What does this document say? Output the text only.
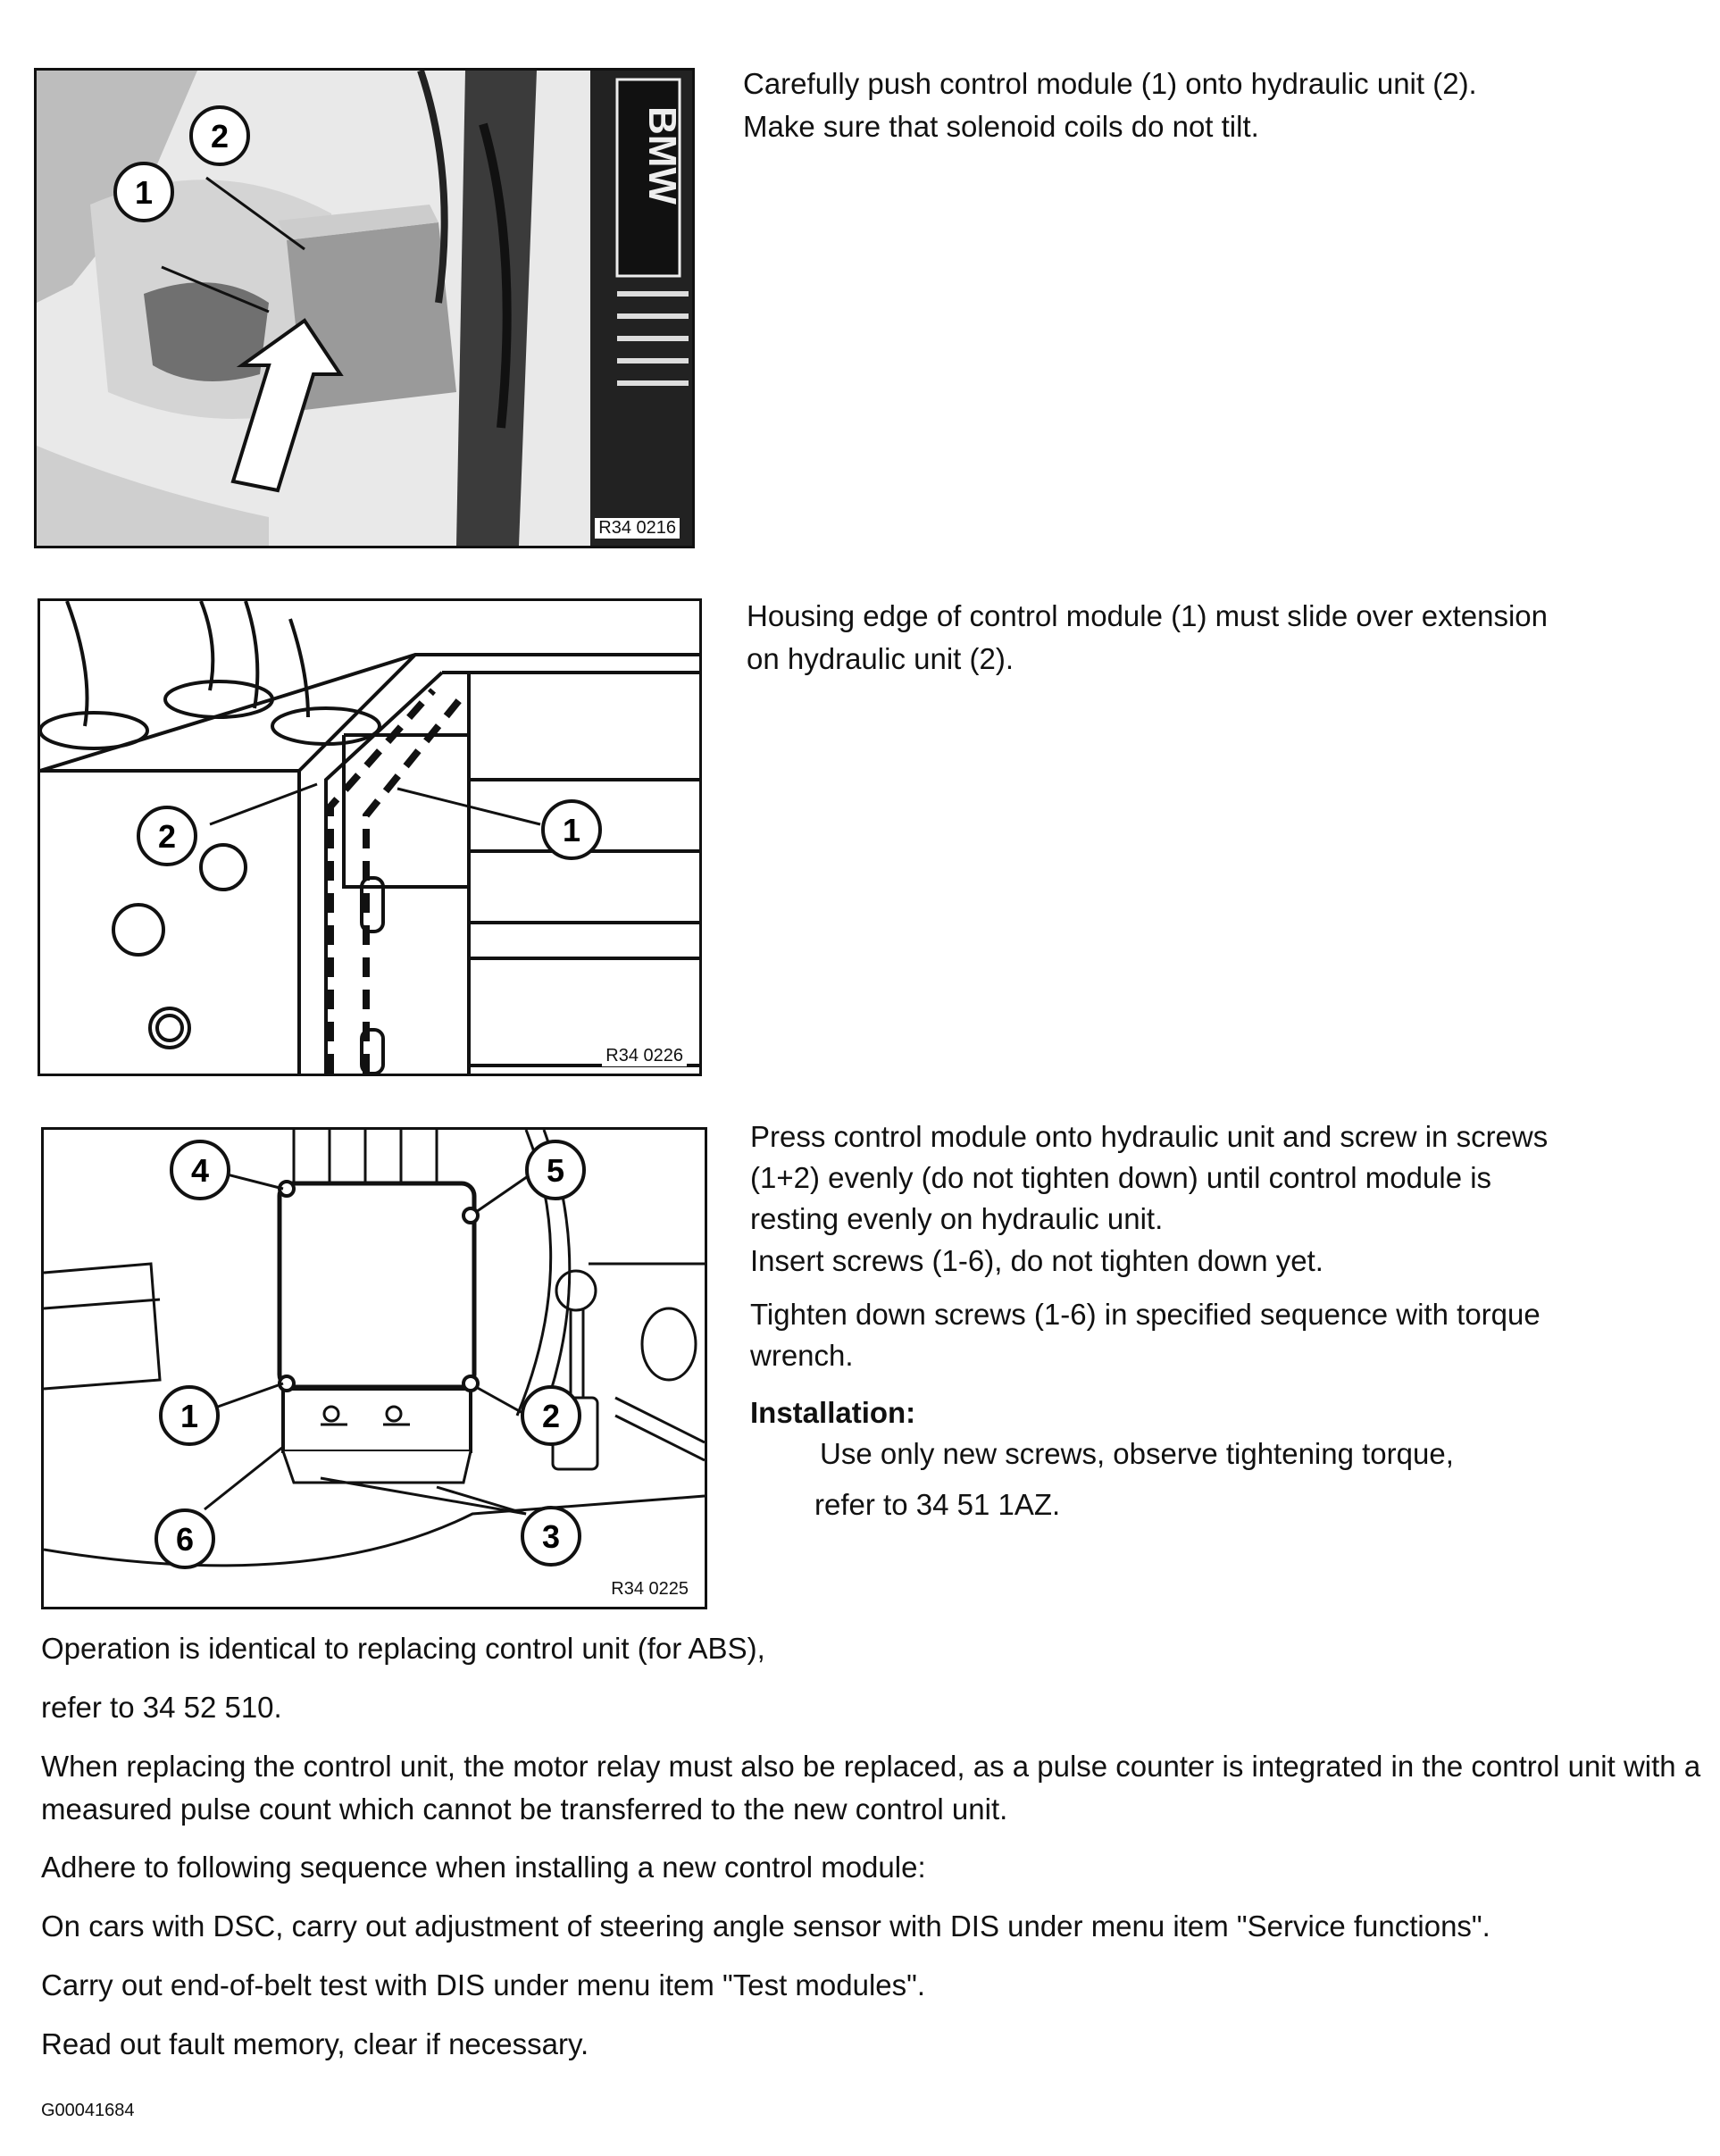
BMW
2
1
R34 0216

Carefully push control module (1) onto hydraulic unit (2).

Make sure that solenoid coils do not tilt.

2	1
R34 0226

Housing edge of control module (1) must slide over extension

on hydraulic unit (2).

4	5
1	2
6	3
R34 0225

Press control module onto hydraulic unit and screw in screws

(1+2) evenly (do not tighten down) until control module is

resting evenly on hydraulic unit.

Insert screws (1-6), do not tighten down yet.

Tighten down screws (1-6) in specified sequence with torque

wrench.

Installation:

Use only new screws, observe tightening torque,

refer to 34 51 1AZ.

Operation is identical to replacing control unit (for ABS),

refer to 34 52 510.

When replacing the control unit, the motor relay must also be replaced, as a pulse counter is integrated in the control unit with a measured pulse count which cannot be transferred to the new control unit.

Adhere to following sequence when installing a new control module:

On cars with DSC, carry out adjustment of steering angle sensor with DIS under menu item "Service functions".

Carry out end-of-belt test with DIS under menu item "Test modules".

Read out fault memory, clear if necessary.

G00041684
